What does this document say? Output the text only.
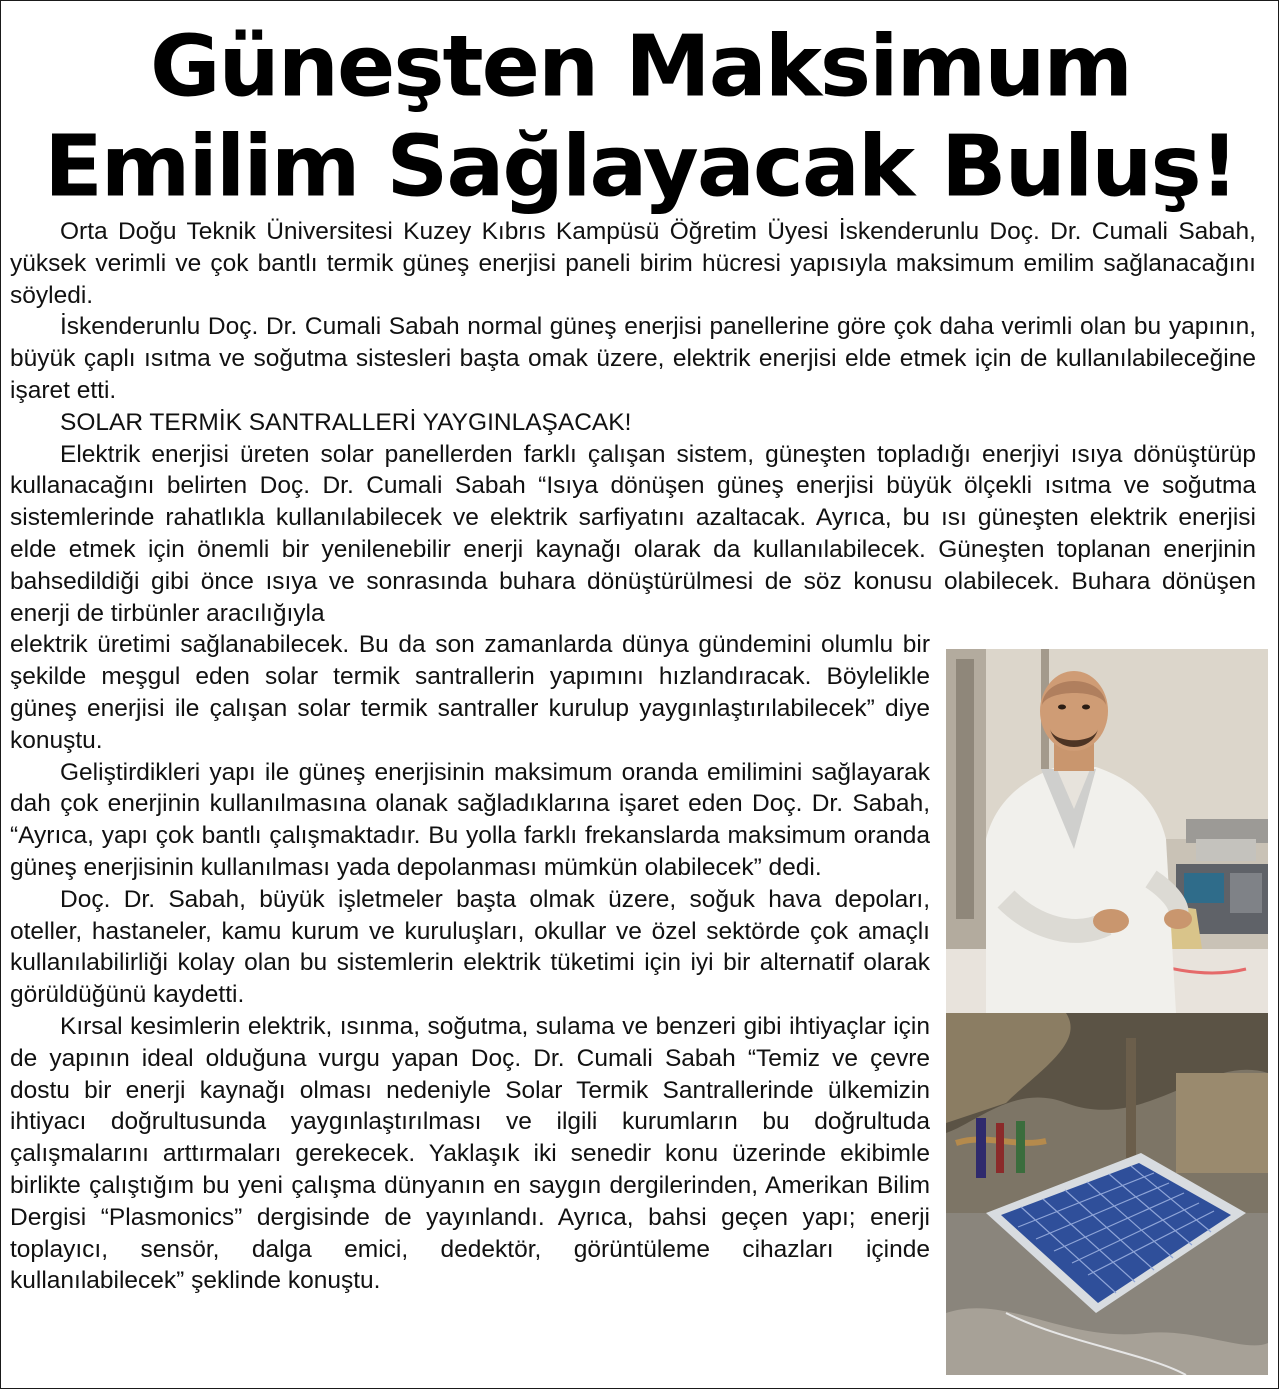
Güneşten Maksimum
Emilim Sağlayacak Buluş!

Orta Doğu Teknik Üniversitesi Kuzey Kıbrıs Kampüsü Öğretim Üyesi İskenderunlu Doç. Dr. Cumali Sabah, yüksek verimli ve çok bantlı termik güneş enerjisi paneli birim hücresi yapısıyla maksimum emilim sağlanacağını söyledi.

İskenderunlu Doç. Dr. Cumali Sabah normal güneş enerjisi panellerine göre çok daha verimli olan bu yapının, büyük çaplı ısıtma ve soğutma sistesleri başta omak üzere, elektrik enerjisi elde etmek için de kullanılabileceğine işaret etti.

SOLAR TERMİK SANTRALLERİ YAYGINLAŞACAK!

Elektrik enerjisi üreten solar panellerden farklı çalışan sistem, güneşten topladığı enerjiyi ısıya dönüştürüp kullanacağını belirten Doç. Dr. Cumali Sabah “Isıya dönüşen güneş enerjisi büyük ölçekli ısıtma ve soğutma sistemlerinde rahatlıkla kullanılabilecek ve elektrik sarfiyatını azaltacak. Ayrıca, bu ısı güneşten elektrik enerjisi elde etmek için önemli bir yenilenebilir enerji kaynağı olarak da kullanılabilecek. Güneşten toplanan enerjinin bahsedildiği gibi önce ısıya ve sonrasında buhara dönüştürülmesi de söz konusu olabilecek. Buhara dönüşen enerji de tirbünler aracılığıyla

elektrik üretimi sağlanabilecek. Bu da son zamanlarda dünya gündemini olumlu bir şekilde meşgul eden solar termik santrallerin yapımını hızlandıracak. Böylelikle güneş enerjisi ile çalışan solar termik santraller kurulup yaygınlaştırılabilecek” diye konuştu.

Geliştirdikleri yapı ile güneş enerjisinin maksimum oranda emilimini sağlayarak dah çok enerjinin kullanılmasına olanak sağladıklarına işaret eden Doç. Dr. Sabah, “Ayrıca, yapı çok bantlı çalışmaktadır. Bu yolla farklı frekanslarda maksimum oranda güneş enerjisinin kullanılması yada depolanması mümkün olabilecek” dedi.

Doç. Dr. Sabah, büyük işletmeler başta olmak üzere, soğuk hava depoları, oteller, hastaneler, kamu kurum ve kuruluşları, okullar ve özel sektörde çok amaçlı kullanılabilirliği kolay olan bu sistemlerin elektrik tüketimi için iyi bir alternatif olarak görüldüğünü kaydetti.

Kırsal kesimlerin elektrik, ısınma, soğutma, sulama ve benzeri gibi ihtiyaçlar için de yapının ideal olduğuna vurgu yapan Doç. Dr. Cumali Sabah “Temiz ve çevre dostu bir enerji kaynağı olması nedeniyle Solar Termik Santrallerinde ülkemizin ihtiyacı doğrultusunda yaygınlaştırılması ve ilgili kurumların bu doğrultuda çalışmalarını arttırmaları gerekecek. Yaklaşık iki senedir konu üzerinde ekibimle birlikte çalıştığım bu yeni çalışma dünyanın en saygın dergilerinden, Amerikan Bilim Dergisi “Plasmonics” dergisinde de yayınlandı. Ayrıca, bahsi geçen yapı; enerji toplayıcı, sensör, dalga emici, dedektör, görüntüleme cihazları içinde kullanılabilecek” şeklinde konuştu.
